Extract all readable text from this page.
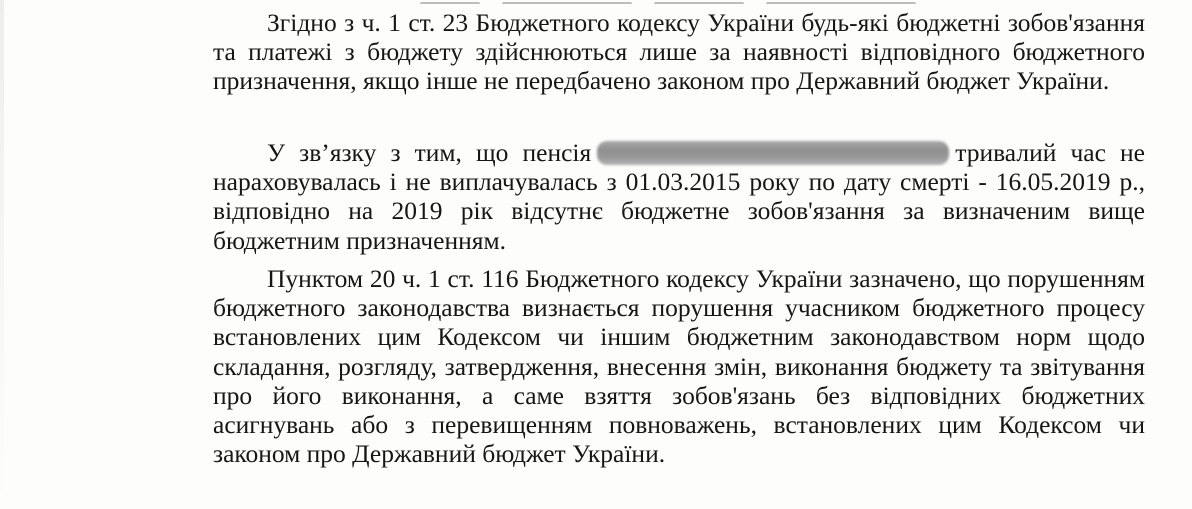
Згідно з ч. 1 ст. 23 Бюджетного кодексу України будь-які бюджетні зобов'язання та платежі з бюджету здійснюються лише за наявності відповідного бюджетного призначення, якщо інше не передбачено законом про Державний бюджет України.

У зв’язку з тим, що пенсія	тривалий час не нараховувалась і не виплачувалась з 01.03.2015 року по дату смерті - 16.05.2019 р., відповідно на 2019 рік відсутнє бюджетне зобов'язання за визначеним вище бюджетним призначенням.

Пунктом 20 ч. 1 ст. 116 Бюджетного кодексу України зазначено, що порушенням бюджетного законодавства визнається порушення учасником бюджетного процесу встановлених цим Кодексом чи іншим бюджетним законодавством норм щодо складання, розгляду, затвердження, внесення змін, виконання бюджету та звітування про його виконання, а саме взяття зобов'язань без відповідних бюджетних асигнувань або з перевищенням повноважень, встановлених цим Кодексом чи законом про Державний бюджет України.
